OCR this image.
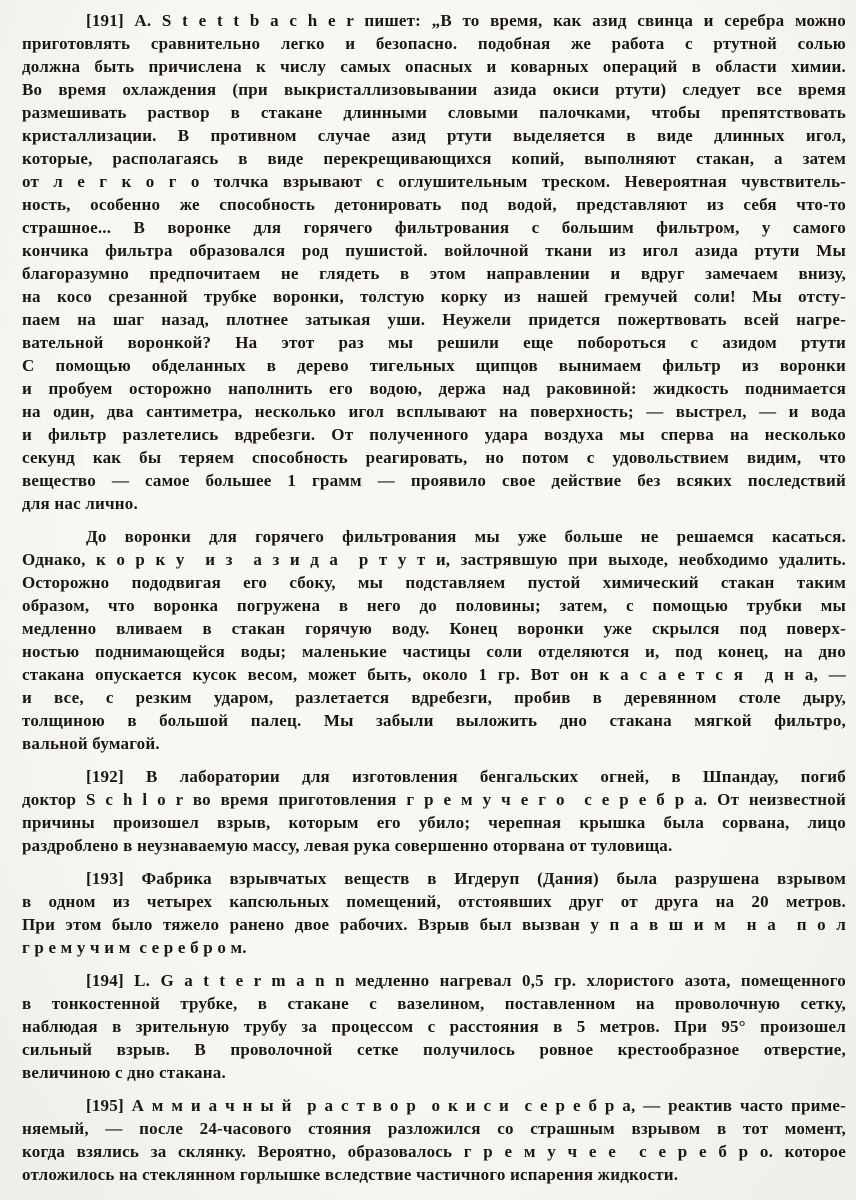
[191] А. S t e t t b a c h e r пишет: „В то время, как азид свинца и серебра можно
приготовлять сравнительно легко и безопасно. подобная же работа с ртутной солью
должна быть причислена к числу самых опасных и коварных операций в области химии.
Во время охлаждения (при выкристаллизовывании азида окиси ртути) следует все время
размешивать раствор в стакане длинными словыми палочками, чтобы препятствовать
кристаллизации. В противном случае азид ртути выделяется в виде длинных игол,
которые, располагаясь в виде перекрещивающихся копий, выполняют стакан, а затем
от л е г к о г о толчка взрывают с оглушительным треском. Невероятная чувствитель-
ность, особенно же способность детонировать под водой, представляют из себя что-то
страшное... В воронке для горячего фильтрования с большим фильтром, у самого
кончика фильтра образовался род пушистой. войлочной ткани из игол азида ртути Мы
благоразумно предпочитаем не глядеть в этом направлении и вдруг замечаем внизу,
на косо срезанной трубке воронки, толстую корку из нашей гремучей соли! Мы отсту-
паем на шаг назад, плотнее затыкая уши. Неужели придется пожертвовать всей нагре-
вательной воронкой? На этот раз мы решили еще побороться с азидом ртути
С помощью обделанных в дерево тигельных щипцов вынимаем фильтр из воронки
и пробуем осторожно наполнить его водою, держа над раковиной: жидкость поднимается
на один, два сантиметра, несколько игол всплывают на поверхность; — выстрел, — и вода
и фильтр разлетелись вдребезги. От полученного удара воздуха мы сперва на несколько
секунд как бы теряем способность реагировать, но потом с удовольствием видим, что
вещество — самое большее 1 грамм — проявило свое действие без всяких последствий
для нас лично.
До воронки для горячего фильтрования мы уже больше не решаемся касаться.
Однако, к о р к у  и з  а з и д а  р т у т и, застрявшую при выходе, необходимо удалить.
Осторожно пододвигая его сбоку, мы подставляем пустой химический стакан таким
образом, что воронка погружена в него до половины; затем, с помощью трубки мы
медленно вливаем в стакан горячую воду. Конец воронки уже скрылся под поверх-
ностью поднимающейся воды; маленькие частицы соли отделяются и, под конец, на дно
стакана опускается кусок весом, может быть, около 1 гр. Вот он к а с а е т с я  д н а, —
и все, с резким ударом, разлетается вдребезги, пробив в деревянном столе дыру,
толщиною в большой палец. Мы забыли выложить дно стакана мягкой фильтро,
вальной бумагой.
[192] В лаборатории для изготовления бенгальских огней, в Шпандау, погиб
доктор S c h l o r во время приготовления г р е м у ч е г о  с е р е б р а. От неизвестной
причины произошел взрыв, которым его убило; черепная крышка была сорвана, лицо
раздроблено в неузнаваемую массу, левая рука совершенно оторвана от туловища.
[193] Фабрика взрывчатых веществ в Игдеруп (Дания) была разрушена взрывом
в одном из четырех капсюльных помещений, отстоявших друг от друга на 20 метров.
При этом было тяжело ранено двое рабочих. Взрыв был вызван у п а в ш и м  н а  п о л
г р е м у ч и м  с е р е б р о м.
[194] L. G a t t e r m a n n медленно нагревал 0,5 гр. хлористого азота, помещенного
в тонкостенной трубке, в стакане с вазелином, поставленном на проволочную сетку,
наблюдая в зрительную трубу за процессом с расстояния в 5 метров. При 95° произошел
сильный взрыв. В проволочной сетке получилось ровное крестообразное отверстие,
величиною с дно стакана.
[195] А м м и а ч н ы й  р а с т в о р  о к и с и  с е р е б р а, — реактив часто приме-
няемый, — после 24-часового стояния разложился со страшным взрывом в тот момент,
когда взялись за склянку. Вероятно, образовалось г р е м у ч е е  с е р е б р о. которое
отложилось на стеклянном горлышке вследствие частичного испарения жидкости.
